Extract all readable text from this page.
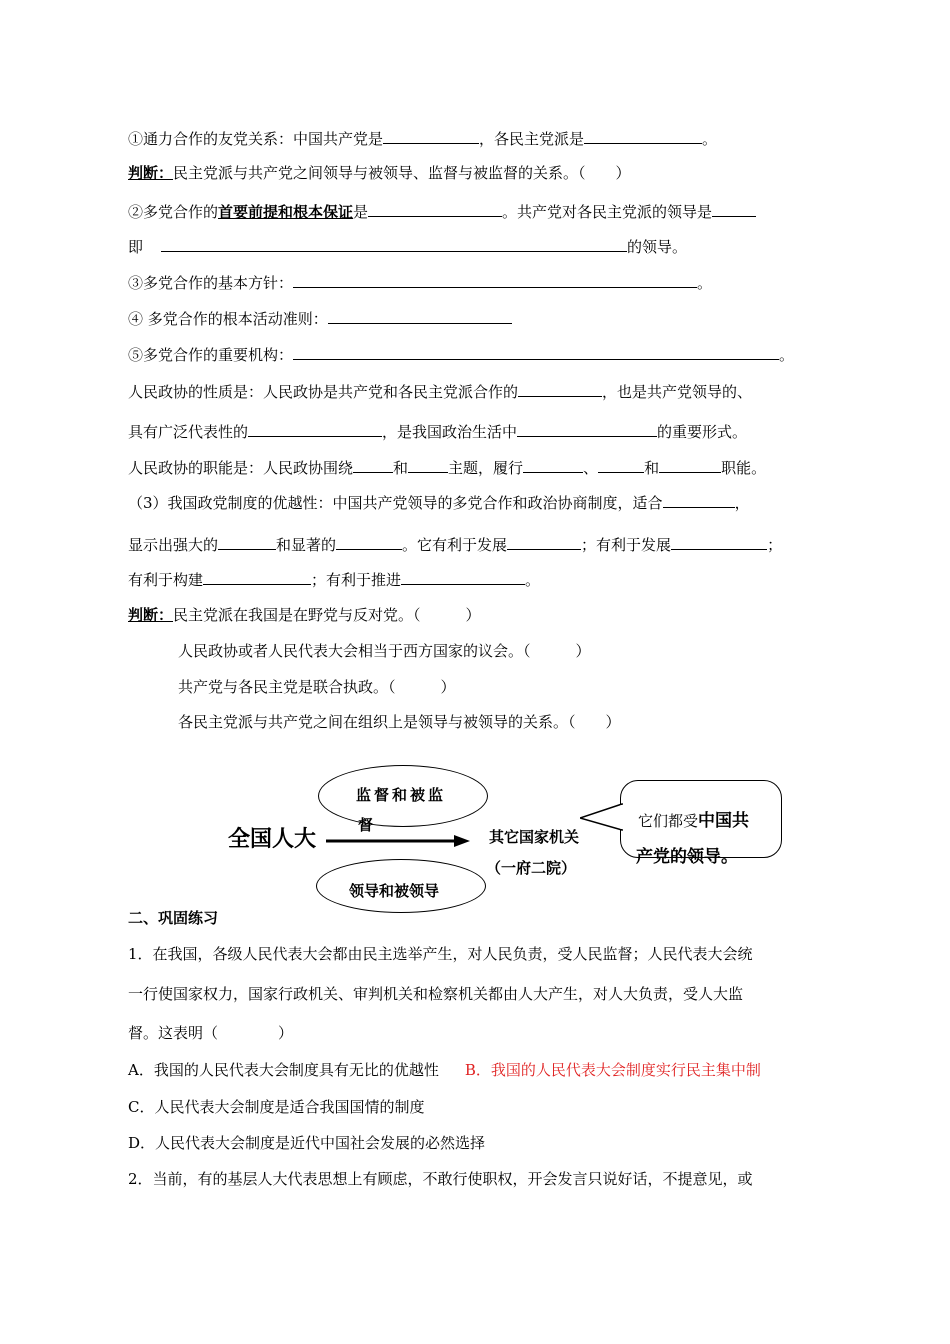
①通力合作的友党关系：中国共产党是	，各民主党派是	。
判断：民主党派与共产党之间领导与被领导、监督与被监督的关系。（　　）
②多党合作的首要前提和根本保证是	。共产党对各民主党派的领导是
即	的领导。
③多党合作的基本方针：	。
④ 多党合作的根本活动准则：
⑤多党合作的重要机构：	。
人民政协的性质是：人民政协是共产党和各民主党派合作的	，也是共产党领导的、
具有广泛代表性的	，是我国政治生活中	的重要形式。
人民政协的职能是：人民政协围绕	和	主题，履行	、	和	职能。
（3）我国政党制度的优越性：中国共产党领导的多党合作和政治协商制度，适合	，
显示出强大的	和显著的	。它有利于发展	；有利于发展	；
有利于构建	；有利于推进	。
判断：民主党派在我国是在野党与反对党。（　　　）
人民政协或者人民代表大会相当于西方国家的议会。（　　　）
共产党与各民主党是联合执政。（　　　）
各民主党派与共产党之间在组织上是领导与被领导的关系。（　　）
监督和被监
督
全国人大	其它国家机关
（一府二院）
领导和被领导
它们都受中国共
产党的领导。
二、巩固练习
1．在我国，各级人民代表大会都由民主选举产生，对人民负责，受人民监督；人民代表大会统
一行使国家权力，国家行政机关、审判机关和检察机关都由人大产生，对人大负责，受人大监
督。这表明（　　　　）
A．我国的人民代表大会制度具有无比的优越性 B．我国的人民代表大会制度实行民主集中制
C．人民代表大会制度是适合我国国情的制度
D．人民代表大会制度是近代中国社会发展的必然选择
2．当前，有的基层人大代表思想上有顾虑，不敢行使职权，开会发言只说好话，不提意见，或
